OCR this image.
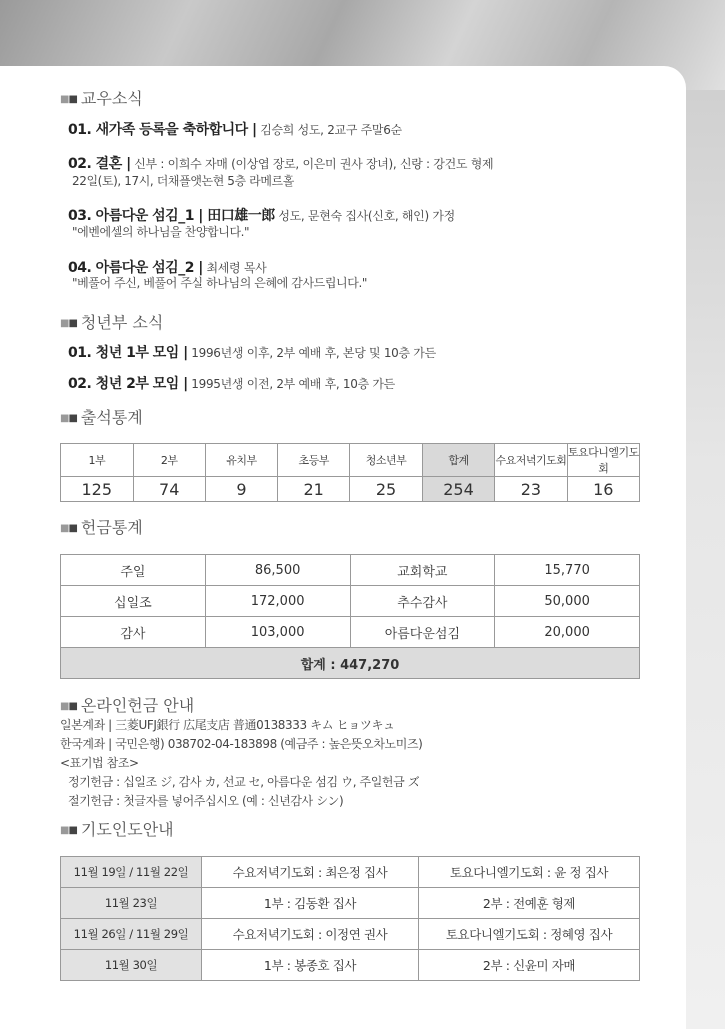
■■ 교우소식
01. 새가족 등록을 축하합니다 | 김승희 성도, 2교구 주말6순
02. 결혼 | 신부 : 이희수 자매 (이상엽 장로, 이은미 권사 장녀), 신랑 : 강건도 형제
22일(토), 17시, 더채플앳논현 5층 라메르홀
03. 아름다운 섬김_1 | 田口雄一郎 성도, 문현숙 집사(신호, 해인) 가정
"에벤에셀의 하나님을 찬양합니다."
04. 아름다운 섬김_2 | 최세령 목사
"베풀어 주신, 베풀어 주실 하나님의 은혜에 감사드립니다."
■■ 청년부 소식
01. 청년 1부 모임 | 1996년생 이후, 2부 예배 후, 본당 및 10층 가든
02. 청년 2부 모임 | 1995년생 이전, 2부 예배 후, 10층 가든
■■ 출석통계
1부	2부	유치부	초등부	청소년부	합계	수요저녁기도회	토요다니엘기도회
125	74	9	21	25	254	23	16
■■ 헌금통계
주일	86,500	교회학교	15,770
십일조	172,000	추수감사	50,000
감사	103,000	아름다운섬김	20,000
합계 : 447,270			
■■ 온라인헌금 안내
일본계좌 | 三菱UFJ銀行 広尾支店 普通0138333 キム ヒョツキュ
한국계좌 | 국민은행) 038702-04-183898 (예금주 : 높은뜻오차노미즈)
<표기법 참조>
정기헌금 : 십일조 ジ, 감사 カ, 선교 セ, 아름다운 섬김 ウ, 주일헌금 ズ
절기헌금 : 첫글자를 넣어주십시오 (예 : 신년감사 シン)
■■ 기도인도안내
11월 19일 / 11월 22일	수요저녁기도회 : 최은정 집사	토요다니엘기도회 : 윤 정 집사
11월 23일	1부 : 김동환 집사	2부 : 전예훈 형제
11월 26일 / 11월 29일	수요저녁기도회 : 이정연 권사	토요다니엘기도회 : 정혜영 집사
11월 30일	1부 : 봉종호 집사	2부 : 신윤미 자매
